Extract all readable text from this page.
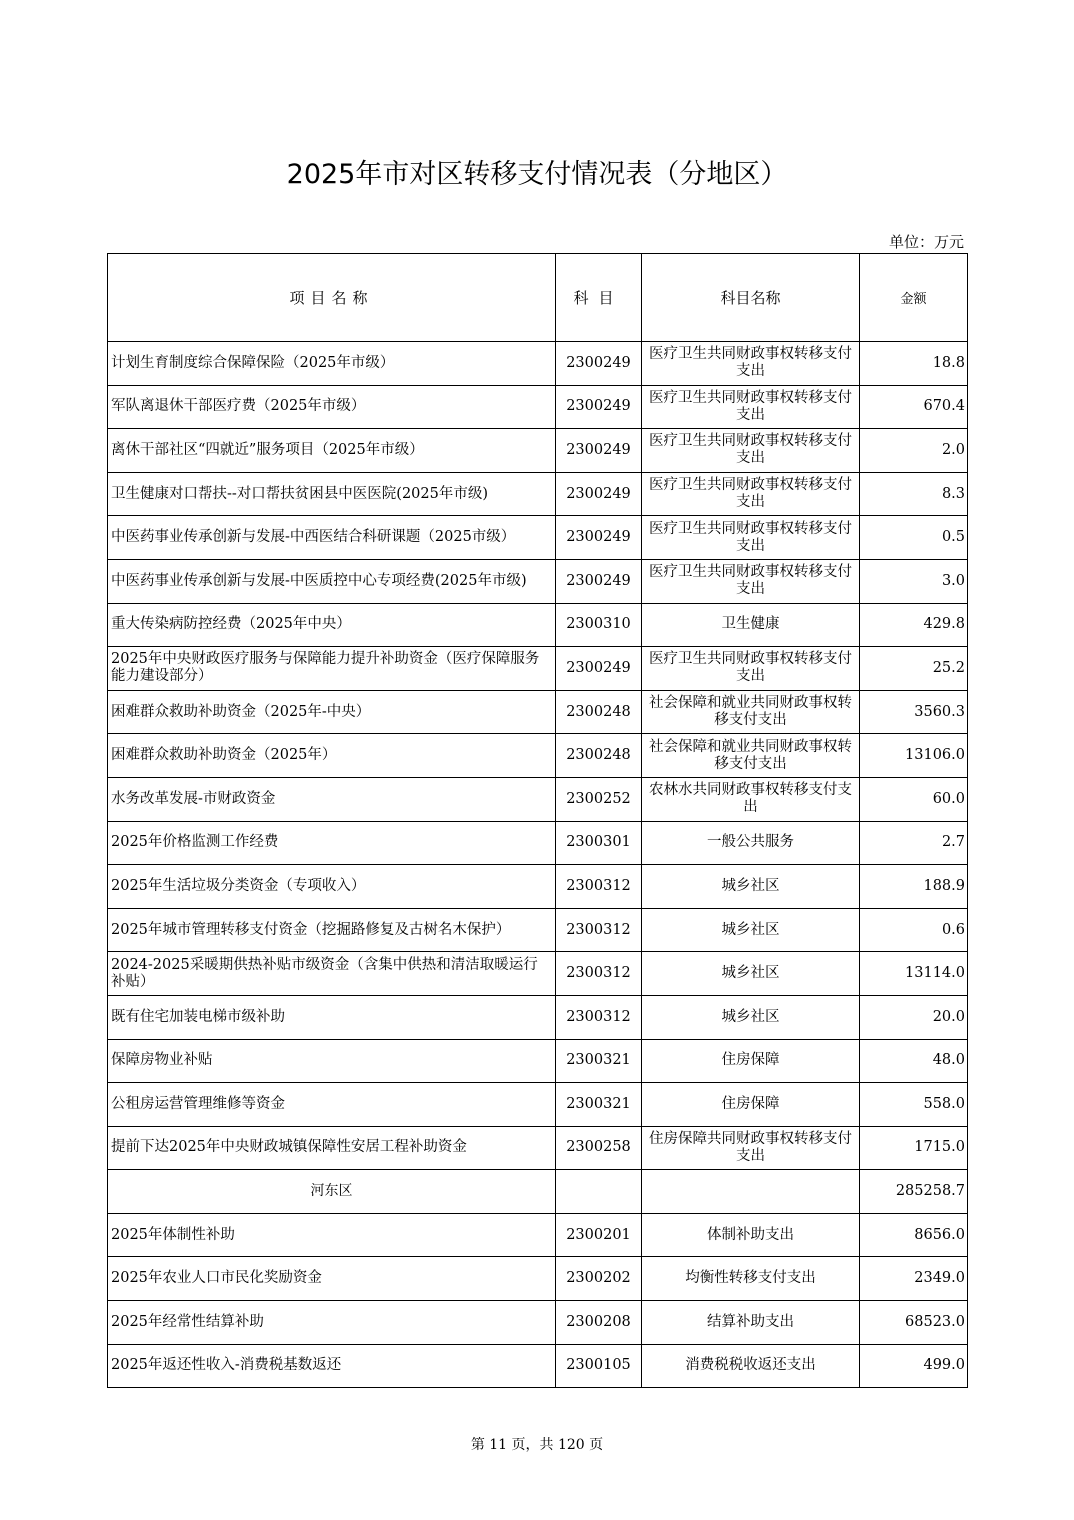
2025年市对区转移支付情况表（分地区）
单位：万元
项目名称	科目	科目名称	金额
计划生育制度综合保障保险（2025年市级）	2300249	医疗卫生共同财政事权转移支付支出	18.8
军队离退休干部医疗费（2025年市级）	2300249	医疗卫生共同财政事权转移支付支出	670.4
离休干部社区“四就近”服务项目（2025年市级）	2300249	医疗卫生共同财政事权转移支付支出	2.0
卫生健康对口帮扶--对口帮扶贫困县中医医院(2025年市级)	2300249	医疗卫生共同财政事权转移支付支出	8.3
中医药事业传承创新与发展-中西医结合科研课题（2025市级）	2300249	医疗卫生共同财政事权转移支付支出	0.5
中医药事业传承创新与发展-中医质控中心专项经费(2025年市级)	2300249	医疗卫生共同财政事权转移支付支出	3.0
重大传染病防控经费（2025年中央）	2300310	卫生健康	429.8
2025年中央财政医疗服务与保障能力提升补助资金（医疗保障服务能力建设部分）	2300249	医疗卫生共同财政事权转移支付支出	25.2
困难群众救助补助资金（2025年-中央）	2300248	社会保障和就业共同财政事权转移支付支出	3560.3
困难群众救助补助资金（2025年）	2300248	社会保障和就业共同财政事权转移支付支出	13106.0
水务改革发展-市财政资金	2300252	农林水共同财政事权转移支付支出	60.0
2025年价格监测工作经费	2300301	一般公共服务	2.7
2025年生活垃圾分类资金（专项收入）	2300312	城乡社区	188.9
2025年城市管理转移支付资金（挖掘路修复及古树名木保护）	2300312	城乡社区	0.6
2024-2025采暖期供热补贴市级资金（含集中供热和清洁取暖运行补贴）	2300312	城乡社区	13114.0
既有住宅加装电梯市级补助	2300312	城乡社区	20.0
保障房物业补贴	2300321	住房保障	48.0
公租房运营管理维修等资金	2300321	住房保障	558.0
提前下达2025年中央财政城镇保障性安居工程补助资金	2300258	住房保障共同财政事权转移支付支出	1715.0
河东区			285258.7
2025年体制性补助	2300201	体制补助支出	8656.0
2025年农业人口市民化奖励资金	2300202	均衡性转移支付支出	2349.0
2025年经常性结算补助	2300208	结算补助支出	68523.0
2025年返还性收入-消费税基数返还	2300105	消费税税收返还支出	499.0
第 11 页，共 120 页
